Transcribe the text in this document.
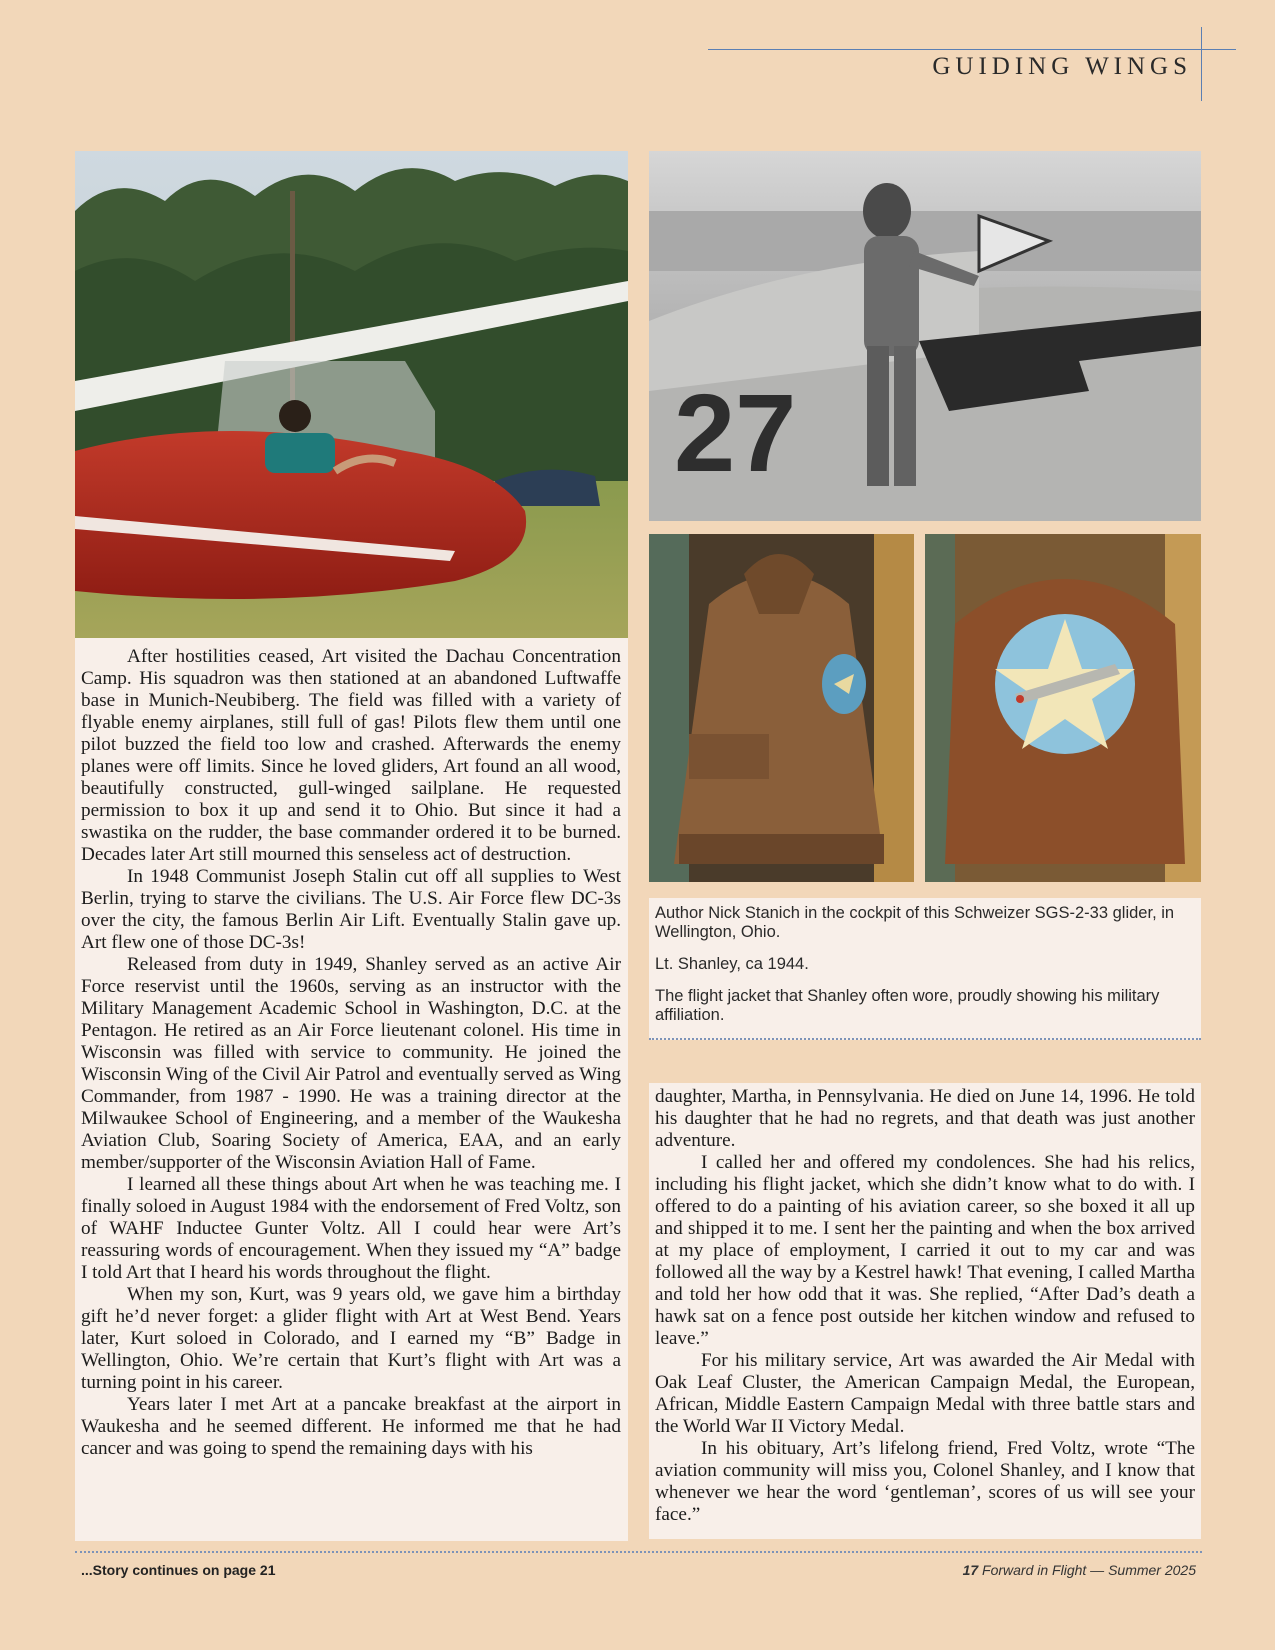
GUIDING WINGS
27
Author Nick Stanich in the cockpit of this Schweizer SGS-2-33 glider, in Wellington, Ohio.
Lt. Shanley, ca 1944.
The flight jacket that Shanley often wore, proudly showing his military affiliation.

After hostilities ceased, Art visited the Dachau Concentration Camp. His squadron was then stationed at an abandoned Luftwaffe base in Munich-Neubiberg. The field was filled with a variety of flyable enemy airplanes, still full of gas! Pilots flew them until one pilot buzzed the field too low and crashed. Afterwards the enemy planes were off limits. Since he loved gliders, Art found an all wood, beautifully constructed, gull-winged sailplane. He requested permission to box it up and send it to Ohio. But since it had a swastika on the rudder, the base commander ordered it to be burned. Decades later Art still mourned this senseless act of destruction.

In 1948 Communist Joseph Stalin cut off all supplies to West Berlin, trying to starve the civilians. The U.S. Air Force flew DC-3s over the city, the famous Berlin Air Lift. Eventually Stalin gave up. Art flew one of those DC-3s!

Released from duty in 1949, Shanley served as an active Air Force reservist until the 1960s, serving as an instructor with the Military Management Academic School in Washington, D.C. at the Pentagon. He retired as an Air Force lieutenant colonel. His time in Wisconsin was filled with service to community. He joined the Wisconsin Wing of the Civil Air Patrol and eventually served as Wing Commander, from 1987 - 1990. He was a training director at the Milwaukee School of Engineering, and a member of the Waukesha Aviation Club, Soaring Society of America, EAA, and an early member/supporter of the Wisconsin Aviation Hall of Fame.

I learned all these things about Art when he was teaching me. I finally soloed in August 1984 with the endorsement of Fred Voltz, son of WAHF Inductee Gunter Voltz. All I could hear were Art’s reassuring words of encouragement. When they issued my “A” badge I told Art that I heard his words throughout the flight.

When my son, Kurt, was 9 years old, we gave him a birthday gift he’d never forget: a glider flight with Art at West Bend. Years later, Kurt soloed in Colorado, and I earned my “B” Badge in Wellington, Ohio. We’re certain that Kurt’s flight with Art was a turning point in his career.

Years later I met Art at a pancake breakfast at the airport in Waukesha and he seemed different. He informed me that he had cancer and was going to spend the remaining days with his

daughter, Martha, in Pennsylvania. He died on June 14, 1996. He told his daughter that he had no regrets, and that death was just another adventure.

I called her and offered my condolences. She had his relics, including his flight jacket, which she didn’t know what to do with. I offered to do a painting of his aviation career, so she boxed it all up and shipped it to me. I sent her the painting and when the box arrived at my place of employment, I carried it out to my car and was followed all the way by a Kestrel hawk! That evening, I called Martha and told her how odd that it was. She replied, “After Dad’s death a hawk sat on a fence post outside her kitchen window and refused to leave.”

For his military service, Art was awarded the Air Medal with Oak Leaf Cluster, the American Campaign Medal, the European, African, Middle Eastern Campaign Medal with three battle stars and the World War II Victory Medal.

In his obituary, Art’s lifelong friend, Fred Voltz, wrote “The aviation community will miss you, Colonel Shanley, and I know that whenever we hear the word ‘gentleman’, scores of us will see your face.”

...Story continues on page 21	17 Forward in Flight — Summer 2025
